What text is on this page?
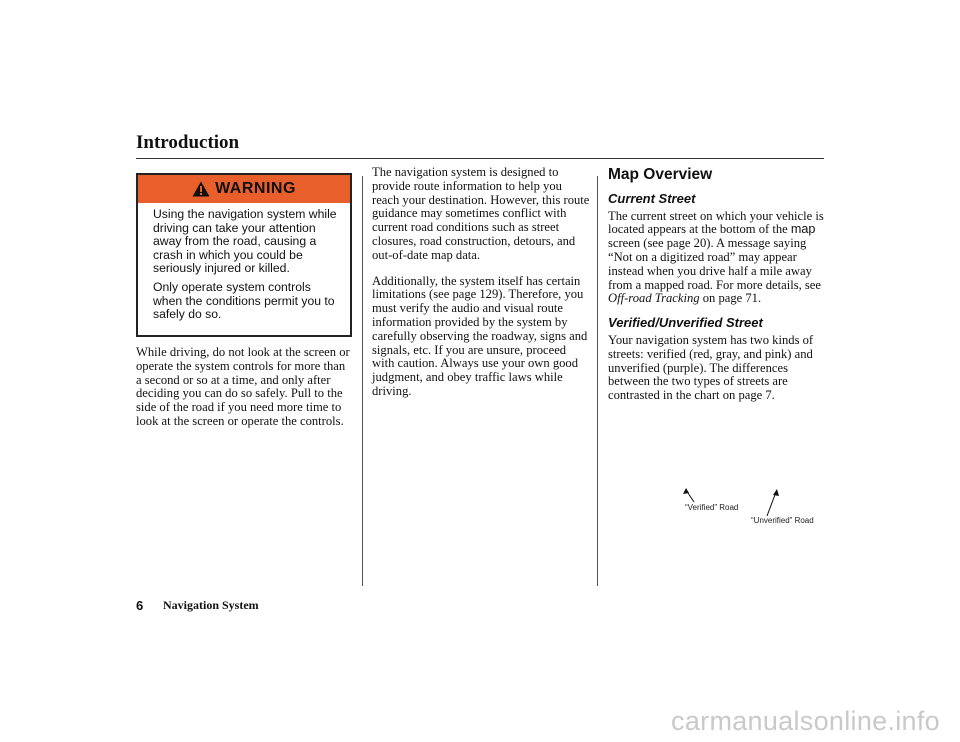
Introduction
WARNING

Using the navigation system while driving can take your attention away from the road, causing a crash in which you could be seriously injured or killed.

Only operate system controls when the conditions permit you to safely do so.

While driving, do not look at the screen or operate the system controls for more than a second or so at a time, and only after deciding you can do so safely. Pull to the side of the road if you need more time to look at the screen or operate the controls.

The navigation system is designed to provide route information to help you reach your destination. However, this route guidance may sometimes conflict with current road conditions such as street closures, road construction, detours, and out-of-date map data.

Additionally, the system itself has certain limitations (see page 129). Therefore, you must verify the audio and visual route information provided by the system by carefully observing the roadway, signs and signals, etc. If you are unsure, proceed with caution. Always use your own good judgment, and obey traffic laws while driving.

Map Overview
Current Street

The current street on which your vehicle is located appears at the bottom of the map screen (see page 20). A message saying “Not on a digitized road” may appear instead when you drive half a mile away from a mapped road. For more details, see Off-road Tracking on page 71.

Verified/Unverified Street

Your navigation system has two kinds of streets: verified (red, gray, and pink) and unverified (purple). The differences between the two types of streets are contrasted in the chart on page 7.

“Verified” Road
“Unverified” Road
6 Navigation System
carmanualsonline.info
